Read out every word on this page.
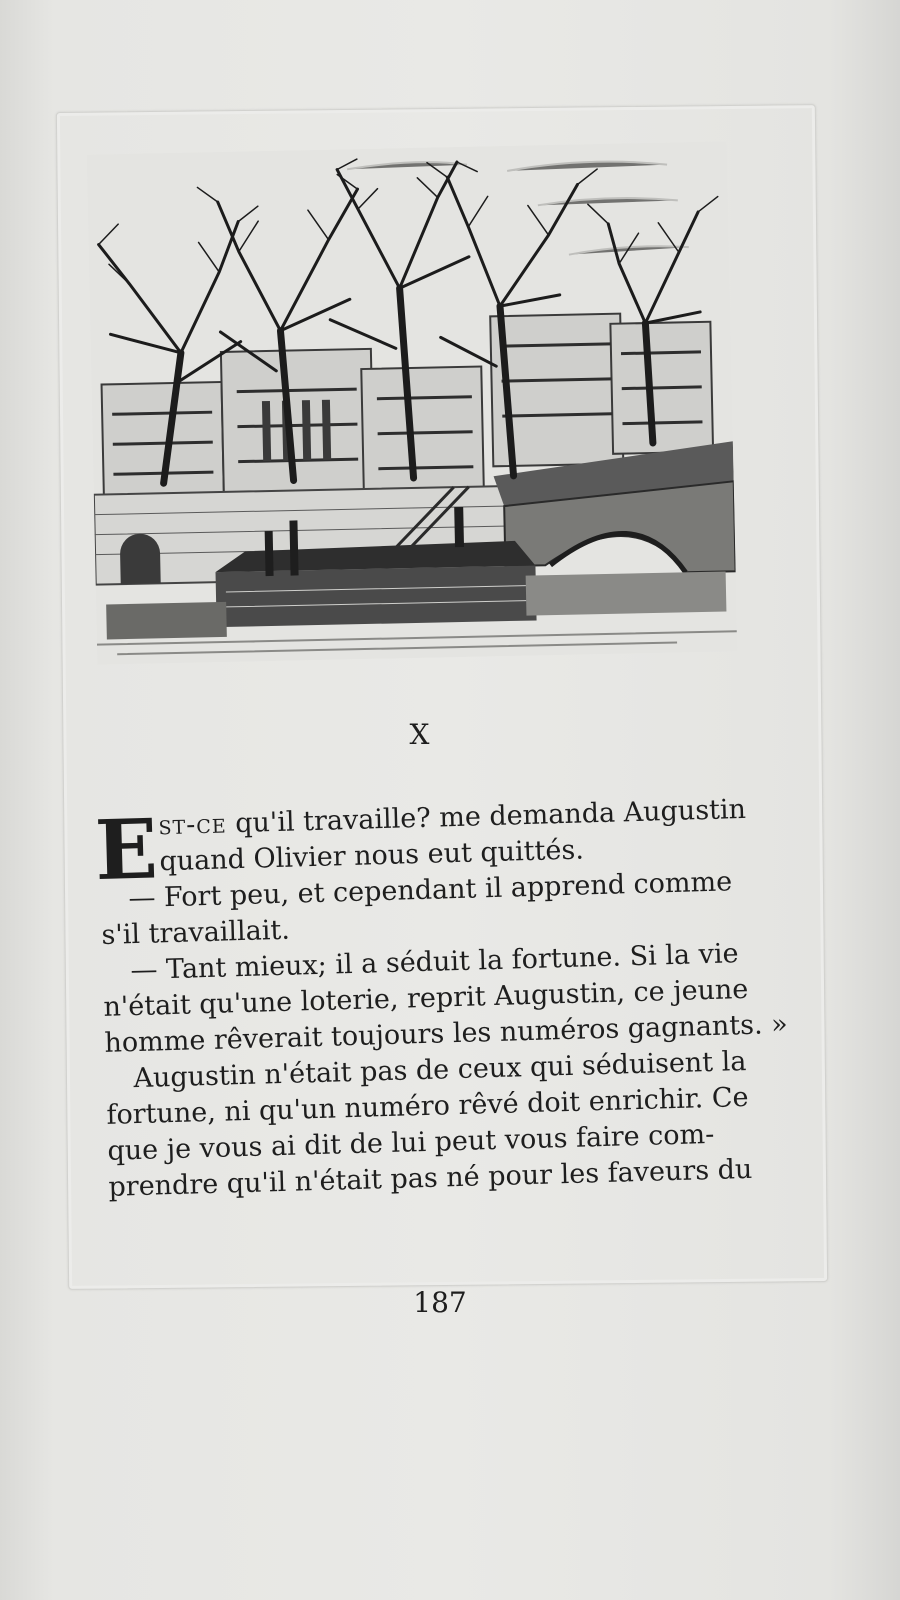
X
E st-ce qu'il travaille? me demanda Augustin
quand Olivier nous eut quittés.
— Fort peu, et cependant il apprend comme
s'il travaillait.
— Tant mieux; il a séduit la fortune. Si la vie
n'était qu'une loterie, reprit Augustin, ce jeune
homme rêverait toujours les numéros gagnants. »
Augustin n'était pas de ceux qui séduisent la
fortune, ni qu'un numéro rêvé doit enrichir. Ce
que je vous ai dit de lui peut vous faire com-
prendre qu'il n'était pas né pour les faveurs du
187
